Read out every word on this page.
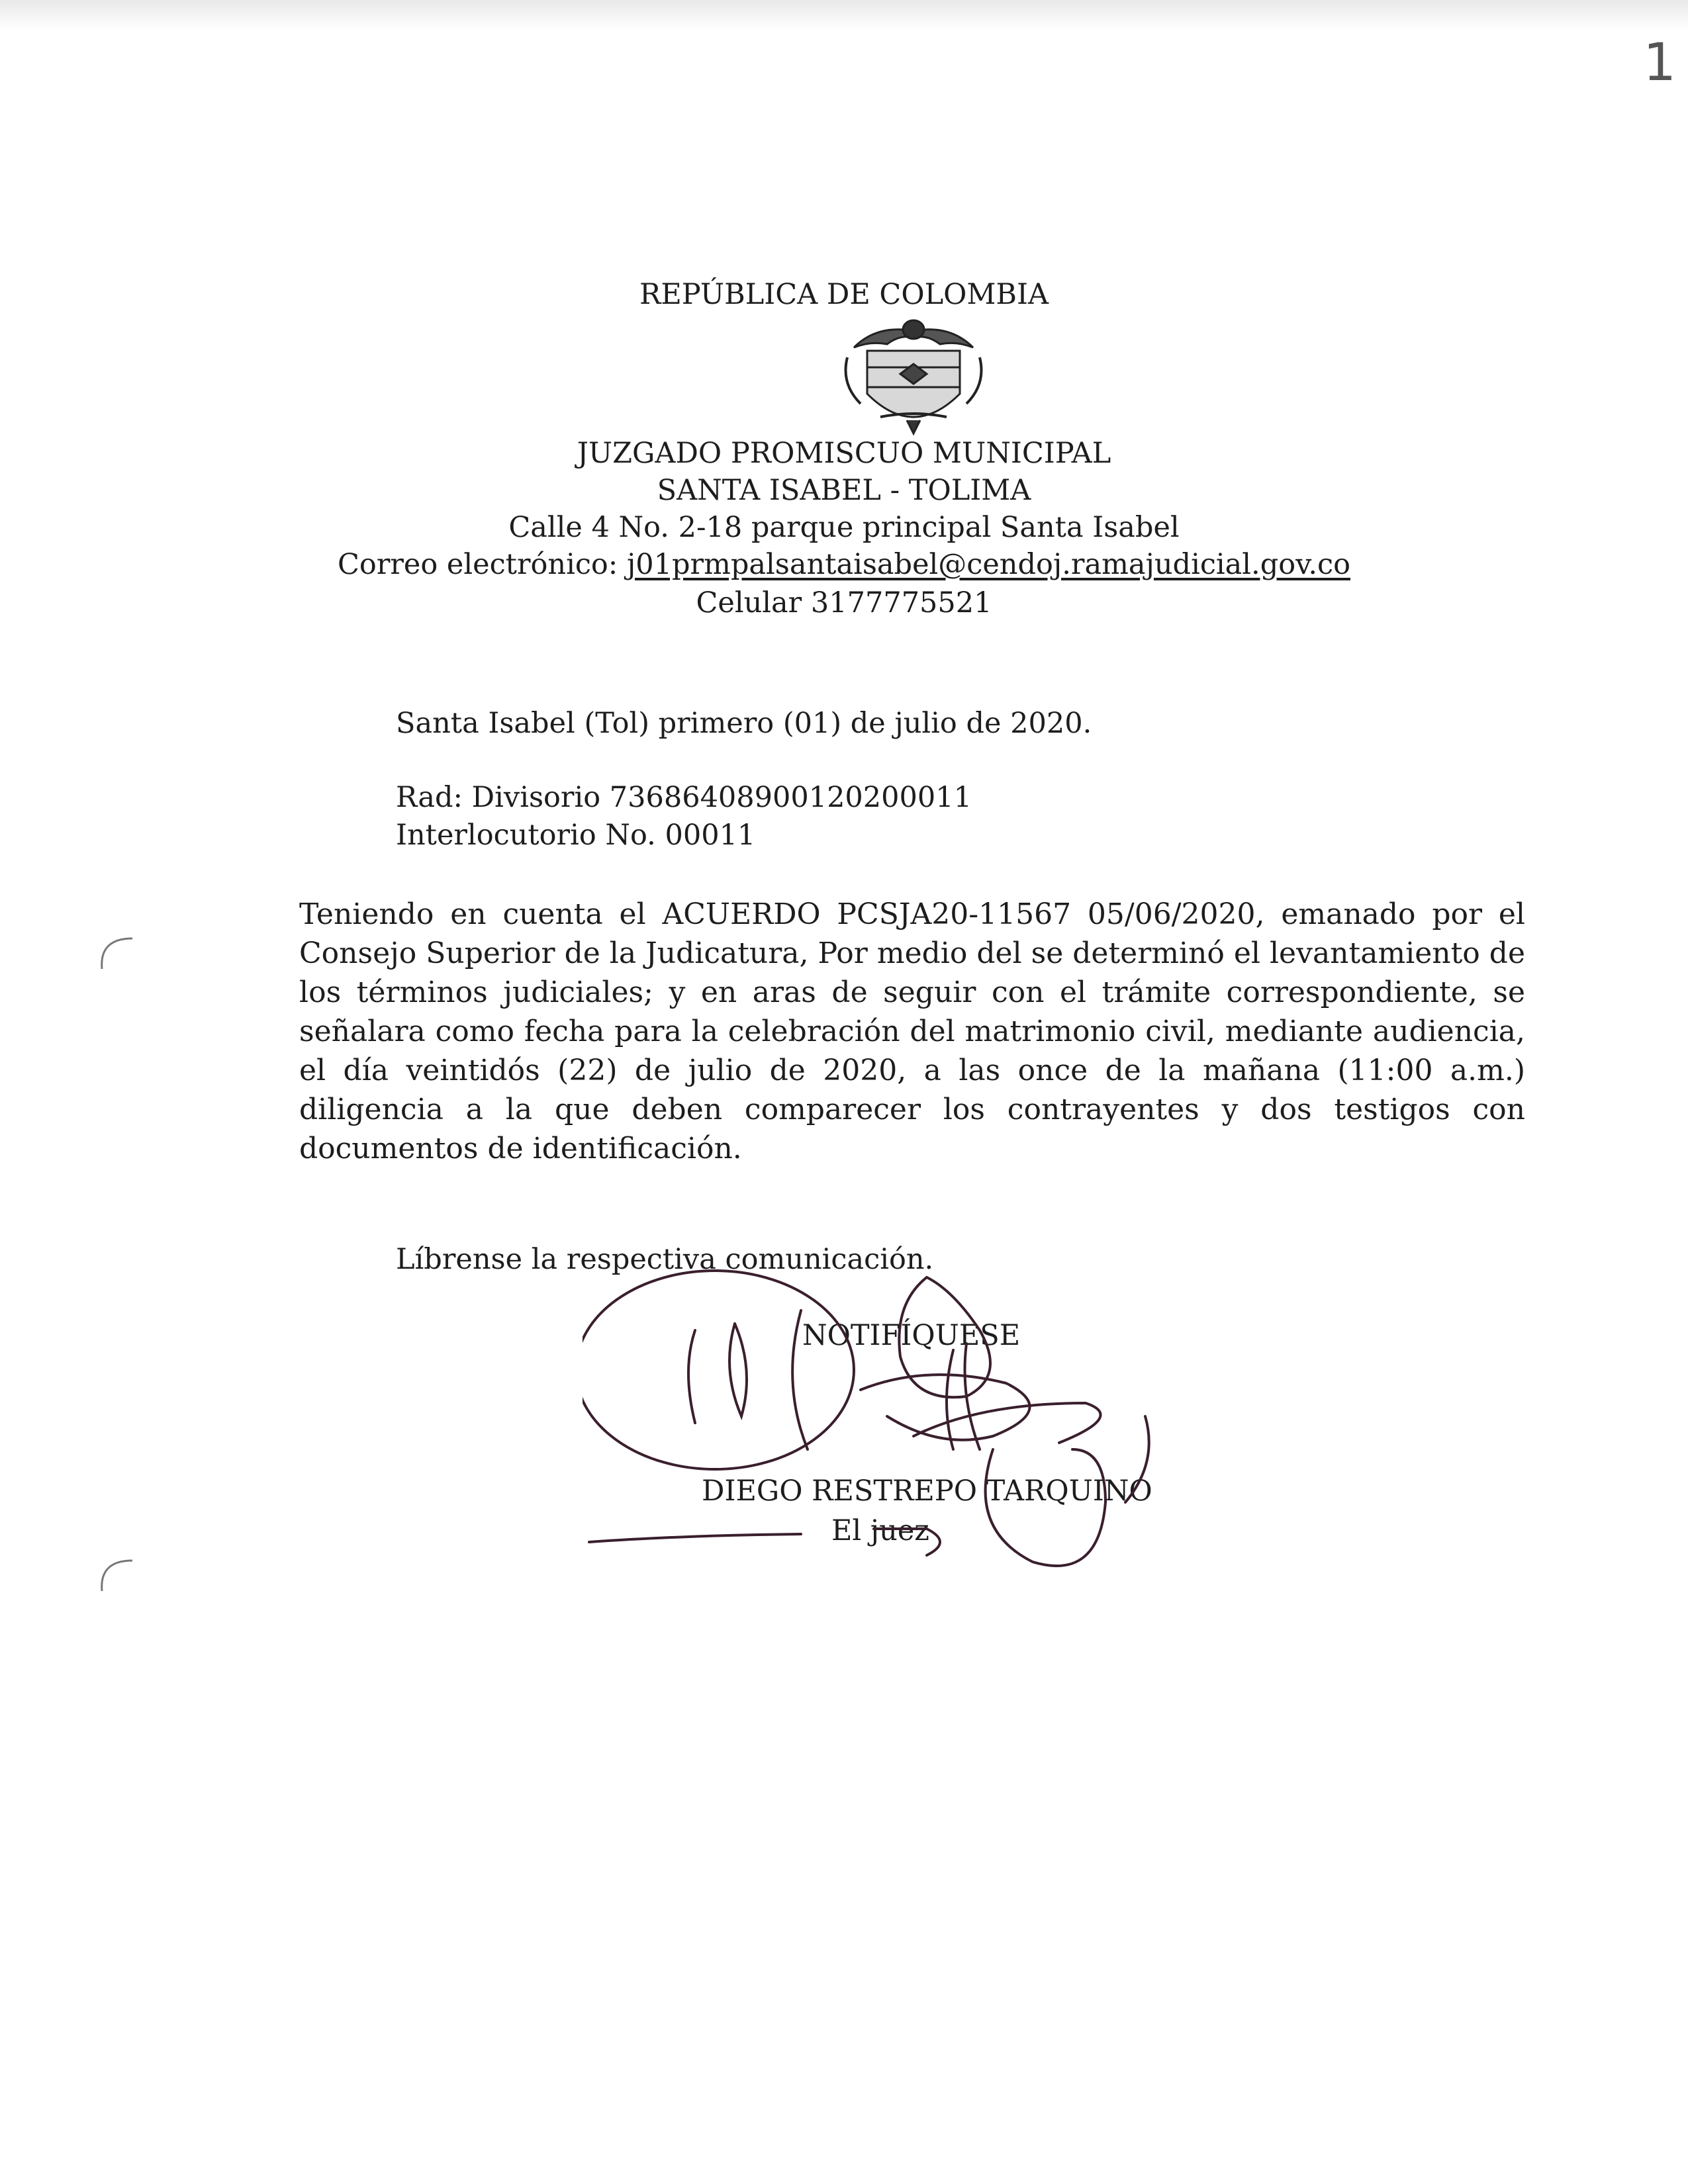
1
REPÚBLICA DE COLOMBIA
JUZGADO PROMISCUO MUNICIPAL
SANTA ISABEL - TOLIMA
Calle 4 No. 2-18 parque principal Santa Isabel
Correo electrónico: j01prmpalsantaisabel@cendoj.ramajudicial.gov.co
Celular 3177775521
Santa Isabel (Tol) primero (01) de julio de 2020.
Rad: Divisorio 73686408900120200011
Interlocutorio No. 00011

Teniendo en cuenta el ACUERDO PCSJA20-11567 05/06/2020, emanado por el Consejo Superior de la Judicatura, Por medio del se determinó el levantamiento de los términos judiciales; y en aras de seguir con el trámite correspondiente, se señalara como fecha para la celebración del matrimonio civil, mediante audiencia, el día veintidós (22) de julio de 2020, a las once de la mañana (11:00 a.m.) diligencia a la que deben comparecer los contrayentes y dos testigos con documentos de identificación.

Líbrense la respectiva comunicación.
NOTIFÍQUESE
DIEGO RESTREPO TARQUINO
El juez
